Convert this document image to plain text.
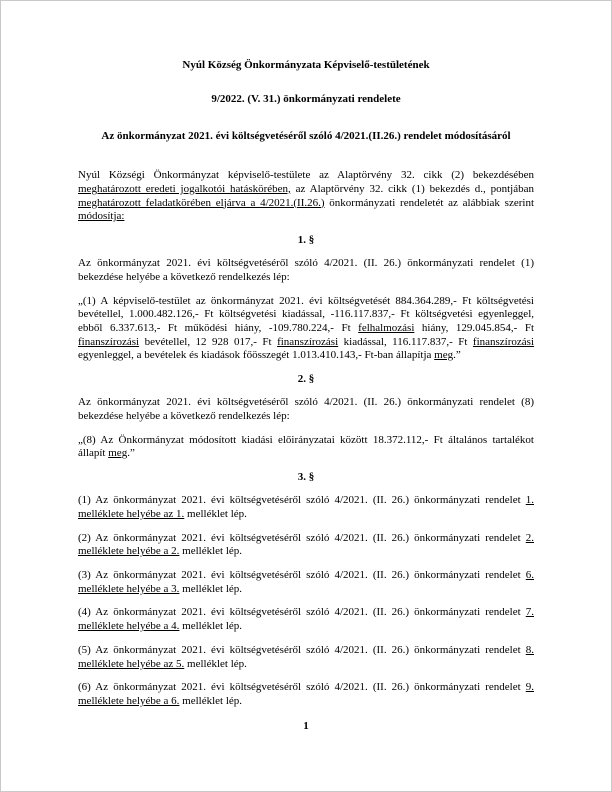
Nyúl Község Önkormányzata Képviselő-testületének
9/2022. (V. 31.) önkormányzati rendelete
Az önkormányzat 2021. évi költségvetéséről szóló 4/2021.(II.26.) rendelet módosításáról
Nyúl Községi Önkormányzat képviselő-testülete az Alaptörvény 32. cikk (2) bekezdésében meghatározott eredeti jogalkotói hatáskörében, az Alaptörvény 32. cikk (1) bekezdés d., pontjában meghatározott feladatkörében eljárva a 4/2021.(II.26.) önkormányzati rendeletét az alábbiak szerint módosítja:
1. §
Az önkormányzat 2021. évi költségvetéséről szóló 4/2021. (II. 26.) önkormányzati rendelet (1) bekezdése helyébe a következő rendelkezés lép:
„(1) A képviselő-testület az önkormányzat 2021. évi költségvetését 884.364.289,- Ft költségvetési bevétellel, 1.000.482.126,- Ft költségvetési kiadással, -116.117.837,- Ft költségvetési egyenleggel, ebből 6.337.613,- Ft működési hiány, -109.780.224,- Ft felhalmozási hiány, 129.045.854,- Ft finanszírozási bevétellel, 12 928 017,- Ft finanszírozási kiadással, 116.117.837,- Ft finanszírozási egyenleggel, a bevételek és kiadások főösszegét 1.013.410.143,- Ft-ban állapítja meg.”
2. §
Az önkormányzat 2021. évi költségvetéséről szóló 4/2021. (II. 26.) önkormányzati rendelet (8) bekezdése helyébe a következő rendelkezés lép:
„(8) Az Önkormányzat módosított kiadási előirányzatai között 18.372.112,- Ft általános tartalékot állapít meg.”
3. §
(1) Az önkormányzat 2021. évi költségvetéséről szóló 4/2021. (II. 26.) önkormányzati rendelet 1. melléklete helyébe az 1. melléklet lép.
(2) Az önkormányzat 2021. évi költségvetéséről szóló 4/2021. (II. 26.) önkormányzati rendelet 2. melléklete helyébe a 2. melléklet lép.
(3) Az önkormányzat 2021. évi költségvetéséről szóló 4/2021. (II. 26.) önkormányzati rendelet 6. melléklete helyébe a 3. melléklet lép.
(4) Az önkormányzat 2021. évi költségvetéséről szóló 4/2021. (II. 26.) önkormányzati rendelet 7. melléklete helyébe a 4. melléklet lép.
(5) Az önkormányzat 2021. évi költségvetéséről szóló 4/2021. (II. 26.) önkormányzati rendelet 8. melléklete helyébe az 5. melléklet lép.
(6) Az önkormányzat 2021. évi költségvetéséről szóló 4/2021. (II. 26.) önkormányzati rendelet 9. melléklete helyébe a 6. melléklet lép.
1
